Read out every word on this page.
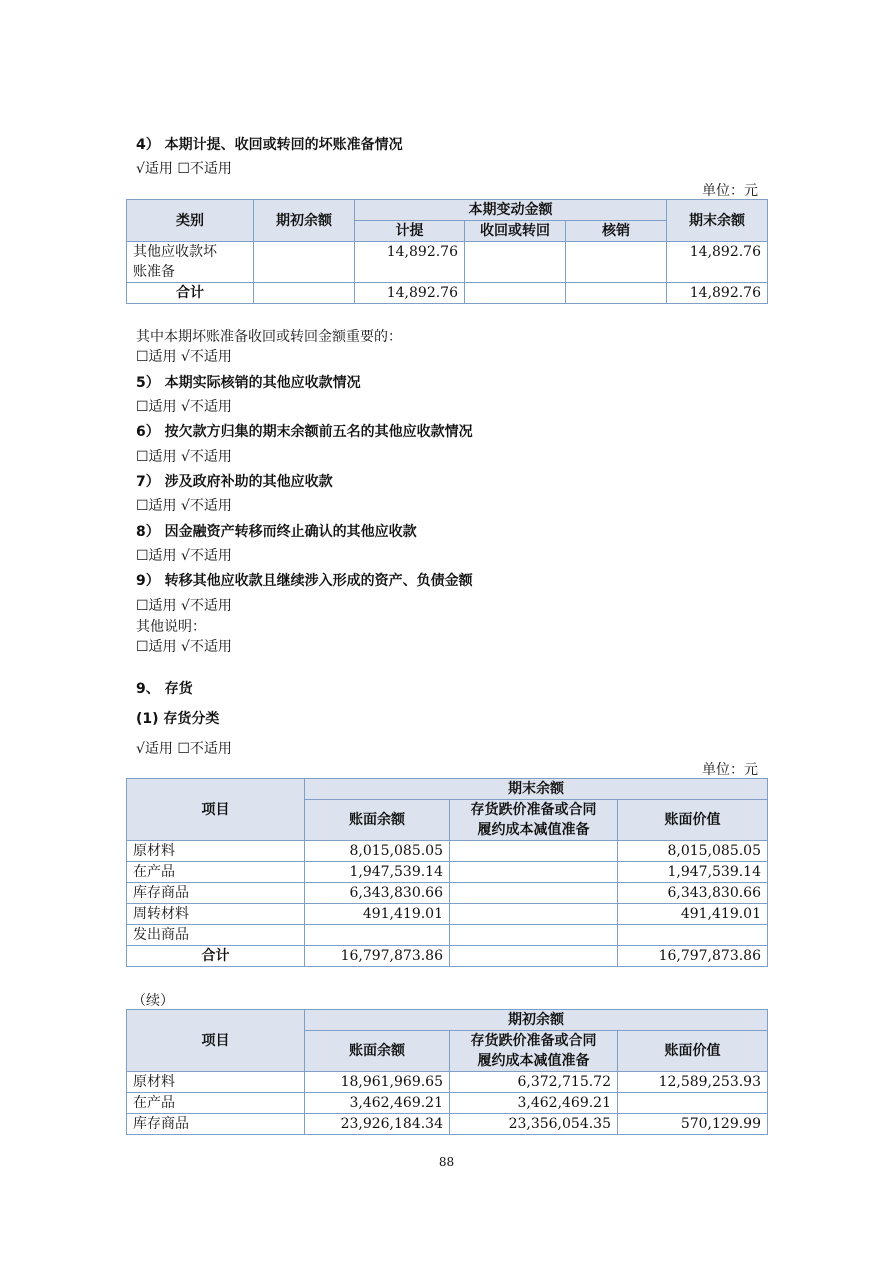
4） 本期计提、收回或转回的坏账准备情况
√适用 ☐不适用
单位：元
类别	期初余额	本期变动金额			期末余额
		计提	收回或转回	核销	
其他应收款坏
账准备		14,892.76			14,892.76
合计		14,892.76			14,892.76
其中本期坏账准备收回或转回金额重要的：
☐适用 √不适用
5） 本期实际核销的其他应收款情况
☐适用 √不适用
6） 按欠款方归集的期末余额前五名的其他应收款情况
☐适用 √不适用
7） 涉及政府补助的其他应收款
☐适用 √不适用
8） 因金融资产转移而终止确认的其他应收款
☐适用 √不适用
9） 转移其他应收款且继续涉入形成的资产、负债金额
☐适用 √不适用
其他说明：
☐适用 √不适用
9、 存货
(1) 存货分类
√适用 ☐不适用
单位：元
项目	期末余额		
	账面余额	存货跌价准备或合同
履约成本减值准备	账面价值
原材料	8,015,085.05		8,015,085.05
在产品	1,947,539.14		1,947,539.14
库存商品	6,343,830.66		6,343,830.66
周转材料	491,419.01		491,419.01
发出商品			
合计	16,797,873.86		16,797,873.86
（续）
项目	期初余额		
	账面余额	存货跌价准备或合同
履约成本减值准备	账面价值
原材料	18,961,969.65	6,372,715.72	12,589,253.93
在产品	3,462,469.21	3,462,469.21	
库存商品	23,926,184.34	23,356,054.35	570,129.99
88
